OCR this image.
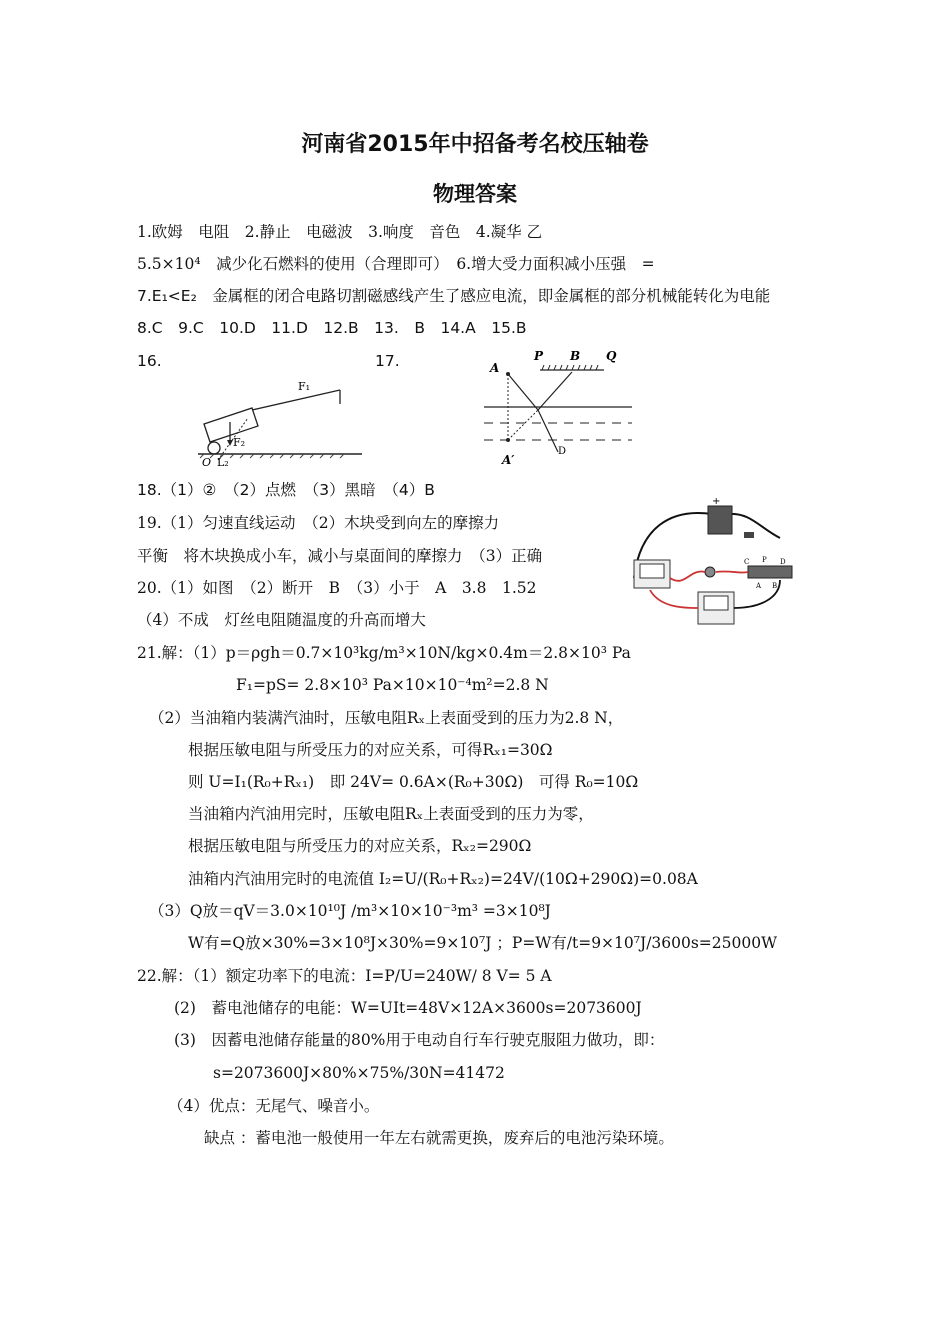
河南省2015年中招备考名校压轴卷
物理答案
1.欧姆　电阻　2.静止　电磁波　3.响度　音色　4.凝华 乙
5.5×10⁴　减少化石燃料的使用（合理即可）　6.增大受力面积减小压强　=
7.E₁<E₂　金属框的闭合电路切割磁感线产生了感应电流，即金属框的部分机械能转化为电能
8.C　9.C　10.D　11.D　12.B　13.　B　14.A　15.B
16.	17.
F₁
F₂
O L₂
A
P B Q
A′
D
18.（1）②　（2）点燃　（3）黑暗　（4）B
19.（1）匀速直线运动　（2）木块受到向左的摩擦力
平衡　将木块换成小车，减小与桌面间的摩擦力　（3）正确
20.（1）如图　（2）断开　B　（3）小于　A　3.8　1.52
（4）不成　灯丝电阻随温度的升高而增大
+
C P D
A B
21.解：（1）p＝ρgh＝0.7×10³kg/m³×10N/kg×0.4m＝2.8×10³ Pa
F₁=pS= 2.8×10³ Pa×10×10⁻⁴m²=2.8 N
（2）当油箱内装满汽油时，压敏电阻Rₓ上表面受到的压力为2.8 N，
根据压敏电阻与所受压力的对应关系，可得Rₓ₁=30Ω
则 U=I₁(R₀+Rₓ₁)　即 24V= 0.6A×(R₀+30Ω)　可得 R₀=10Ω
当油箱内汽油用完时，压敏电阻Rₓ上表面受到的压力为零，
根据压敏电阻与所受压力的对应关系，Rₓ₂=290Ω
油箱内汽油用完时的电流值 I₂=U/(R₀+Rₓ₂)=24V/(10Ω+290Ω)=0.08A
（3）Q放＝qV＝3.0×10¹⁰J /m³×10×10⁻³m³ =3×10⁸J
W有=Q放×30%=3×10⁸J×30%=9×10⁷J ；P=W有/t=9×10⁷J/3600s=25000W
22.解：（1）额定功率下的电流：I=P/U=240W/ 8 V= 5 A
(2)　蓄电池储存的电能：W=UIt=48V×12A×3600s=2073600J
(3)　因蓄电池储存能量的80%用于电动自行车行驶克服阻力做功，即：
s=2073600J×80%×75%/30N=41472
（4）优点：无尾气、噪音小。
缺点 ：蓄电池一般使用一年左右就需更换，废弃后的电池污染环境。
